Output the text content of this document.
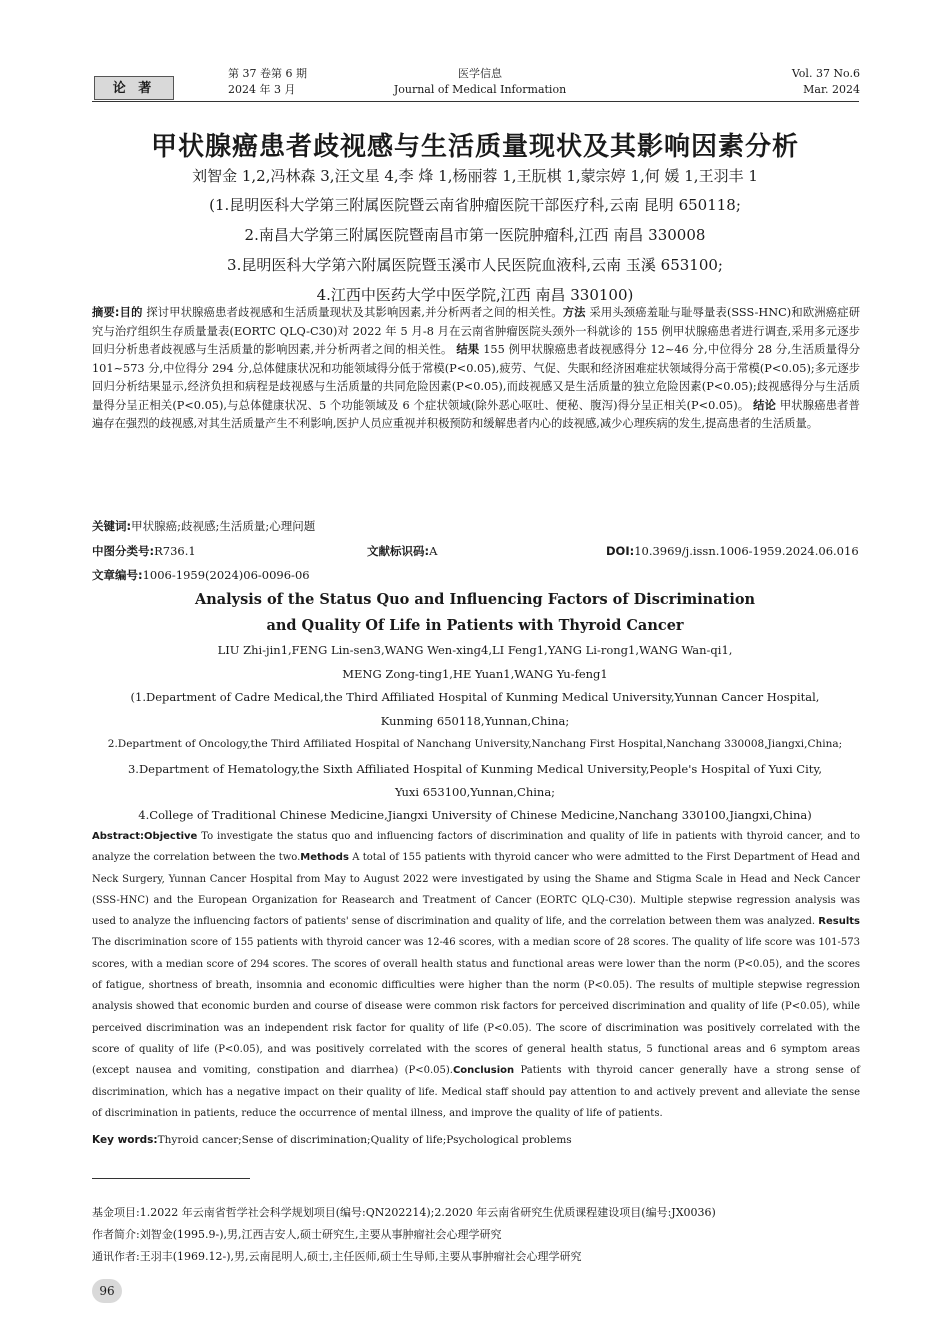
论 著
第 37 卷第 6 期
2024 年 3 月
医学信息
Journal of Medical Information
Vol. 37 No.6
Mar. 2024
甲状腺癌患者歧视感与生活质量现状及其影响因素分析
刘智金 1,2,冯林森 3,汪文星 4,李 烽 1,杨丽蓉 1,王朊棋 1,蒙宗婷 1,何 媛 1,王羽丰 1
(1.昆明医科大学第三附属医院暨云南省肿瘤医院干部医疗科,云南 昆明 650118;
2.南昌大学第三附属医院暨南昌市第一医院肿瘤科,江西 南昌 330008
3.昆明医科大学第六附属医院暨玉溪市人民医院血液科,云南 玉溪 653100;
4.江西中医药大学中医学院,江西 南昌 330100)
摘要:目的 探讨甲状腺癌患者歧视感和生活质量现状及其影响因素,并分析两者之间的相关性。方法 采用头颈癌羞耻与耻辱量表(SSS-HNC)和欧洲癌症研究与治疗组织生存质量量表(EORTC QLQ-C30)对 2022 年 5 月-8 月在云南省肿瘤医院头颈外一科就诊的 155 例甲状腺癌患者进行调查,采用多元逐步回归分析患者歧视感与生活质量的影响因素,并分析两者之间的相关性。 结果 155 例甲状腺癌患者歧视感得分 12~46 分,中位得分 28 分,生活质量得分 101~573 分,中位得分 294 分,总体健康状况和功能领域得分低于常模(P<0.05),疲劳、气促、失眠和经济困难症状领域得分高于常模(P<0.05);多元逐步回归分析结果显示,经济负担和病程是歧视感与生活质量的共同危险因素(P<0.05),而歧视感又是生活质量的独立危险因素(P<0.05);歧视感得分与生活质量得分呈正相关(P<0.05),与总体健康状况、5 个功能领域及 6 个症状领域(除外恶心呕吐、便秘、腹泻)得分呈正相关(P<0.05)。 结论 甲状腺癌患者普遍存在强烈的歧视感,对其生活质量产生不利影响,医护人员应重视并积极预防和缓解患者内心的歧视感,减少心理疾病的发生,提高患者的生活质量。
关键词:甲状腺癌;歧视感;生活质量;心理问题
中图分类号:R736.1	文献标识码:A	DOI:10.3969/j.issn.1006-1959.2024.06.016
文章编号:1006-1959(2024)06-0096-06
Analysis of the Status Quo and Influencing Factors of Discrimination
and Quality Of Life in Patients with Thyroid Cancer
LIU Zhi-jin1,FENG Lin-sen3,WANG Wen-xing4,LI Feng1,YANG Li-rong1,WANG Wan-qi1,
MENG Zong-ting1,HE Yuan1,WANG Yu-feng1
(1.Department of Cadre Medical,the Third Affiliated Hospital of Kunming Medical University,Yunnan Cancer Hospital,
Kunming 650118,Yunnan,China;
2.Department of Oncology,the Third Affiliated Hospital of Nanchang University,Nanchang First Hospital,Nanchang 330008,Jiangxi,China;
3.Department of Hematology,the Sixth Affiliated Hospital of Kunming Medical University,People's Hospital of Yuxi City,
Yuxi 653100,Yunnan,China;
4.College of Traditional Chinese Medicine,Jiangxi University of Chinese Medicine,Nanchang 330100,Jiangxi,China)
Abstract:Objective To investigate the status quo and influencing factors of discrimination and quality of life in patients with thyroid cancer, and to analyze the correlation between the two.Methods A total of 155 patients with thyroid cancer who were admitted to the First Department of Head and Neck Surgery, Yunnan Cancer Hospital from May to August 2022 were investigated by using the Shame and Stigma Scale in Head and Neck Cancer (SSS-HNC) and the European Organization for Reasearch and Treatment of Cancer (EORTC QLQ-C30). Multiple stepwise regression analysis was used to analyze the influencing factors of patients' sense of discrimination and quality of life, and the correlation between them was analyzed. Results The discrimination score of 155 patients with thyroid cancer was 12-46 scores, with a median score of 28 scores. The quality of life score was 101-573 scores, with a median score of 294 scores. The scores of overall health status and functional areas were lower than the norm (P<0.05), and the scores of fatigue, shortness of breath, insomnia and economic difficulties were higher than the norm (P<0.05). The results of multiple stepwise regression analysis showed that economic burden and course of disease were common risk factors for perceived discrimination and quality of life (P<0.05), while perceived discrimination was an independent risk factor for quality of life (P<0.05). The score of discrimination was positively correlated with the score of quality of life (P<0.05), and was positively correlated with the scores of general health status, 5 functional areas and 6 symptom areas (except nausea and vomiting, constipation and diarrhea) (P<0.05).Conclusion Patients with thyroid cancer generally have a strong sense of discrimination, which has a negative impact on their quality of life. Medical staff should pay attention to and actively prevent and alleviate the sense of discrimination in patients, reduce the occurrence of mental illness, and improve the quality of life of patients.
Key words:Thyroid cancer;Sense of discrimination;Quality of life;Psychological problems
基金项目:1.2022 年云南省哲学社会科学规划项目(编号:QN202214);2.2020 年云南省研究生优质课程建设项目(编号:JX0036)
作者简介:刘智金(1995.9-),男,江西吉安人,硕士研究生,主要从事肿瘤社会心理学研究
通讯作者:王羽丰(1969.12-),男,云南昆明人,硕士,主任医师,硕士生导师,主要从事肿瘤社会心理学研究
96
